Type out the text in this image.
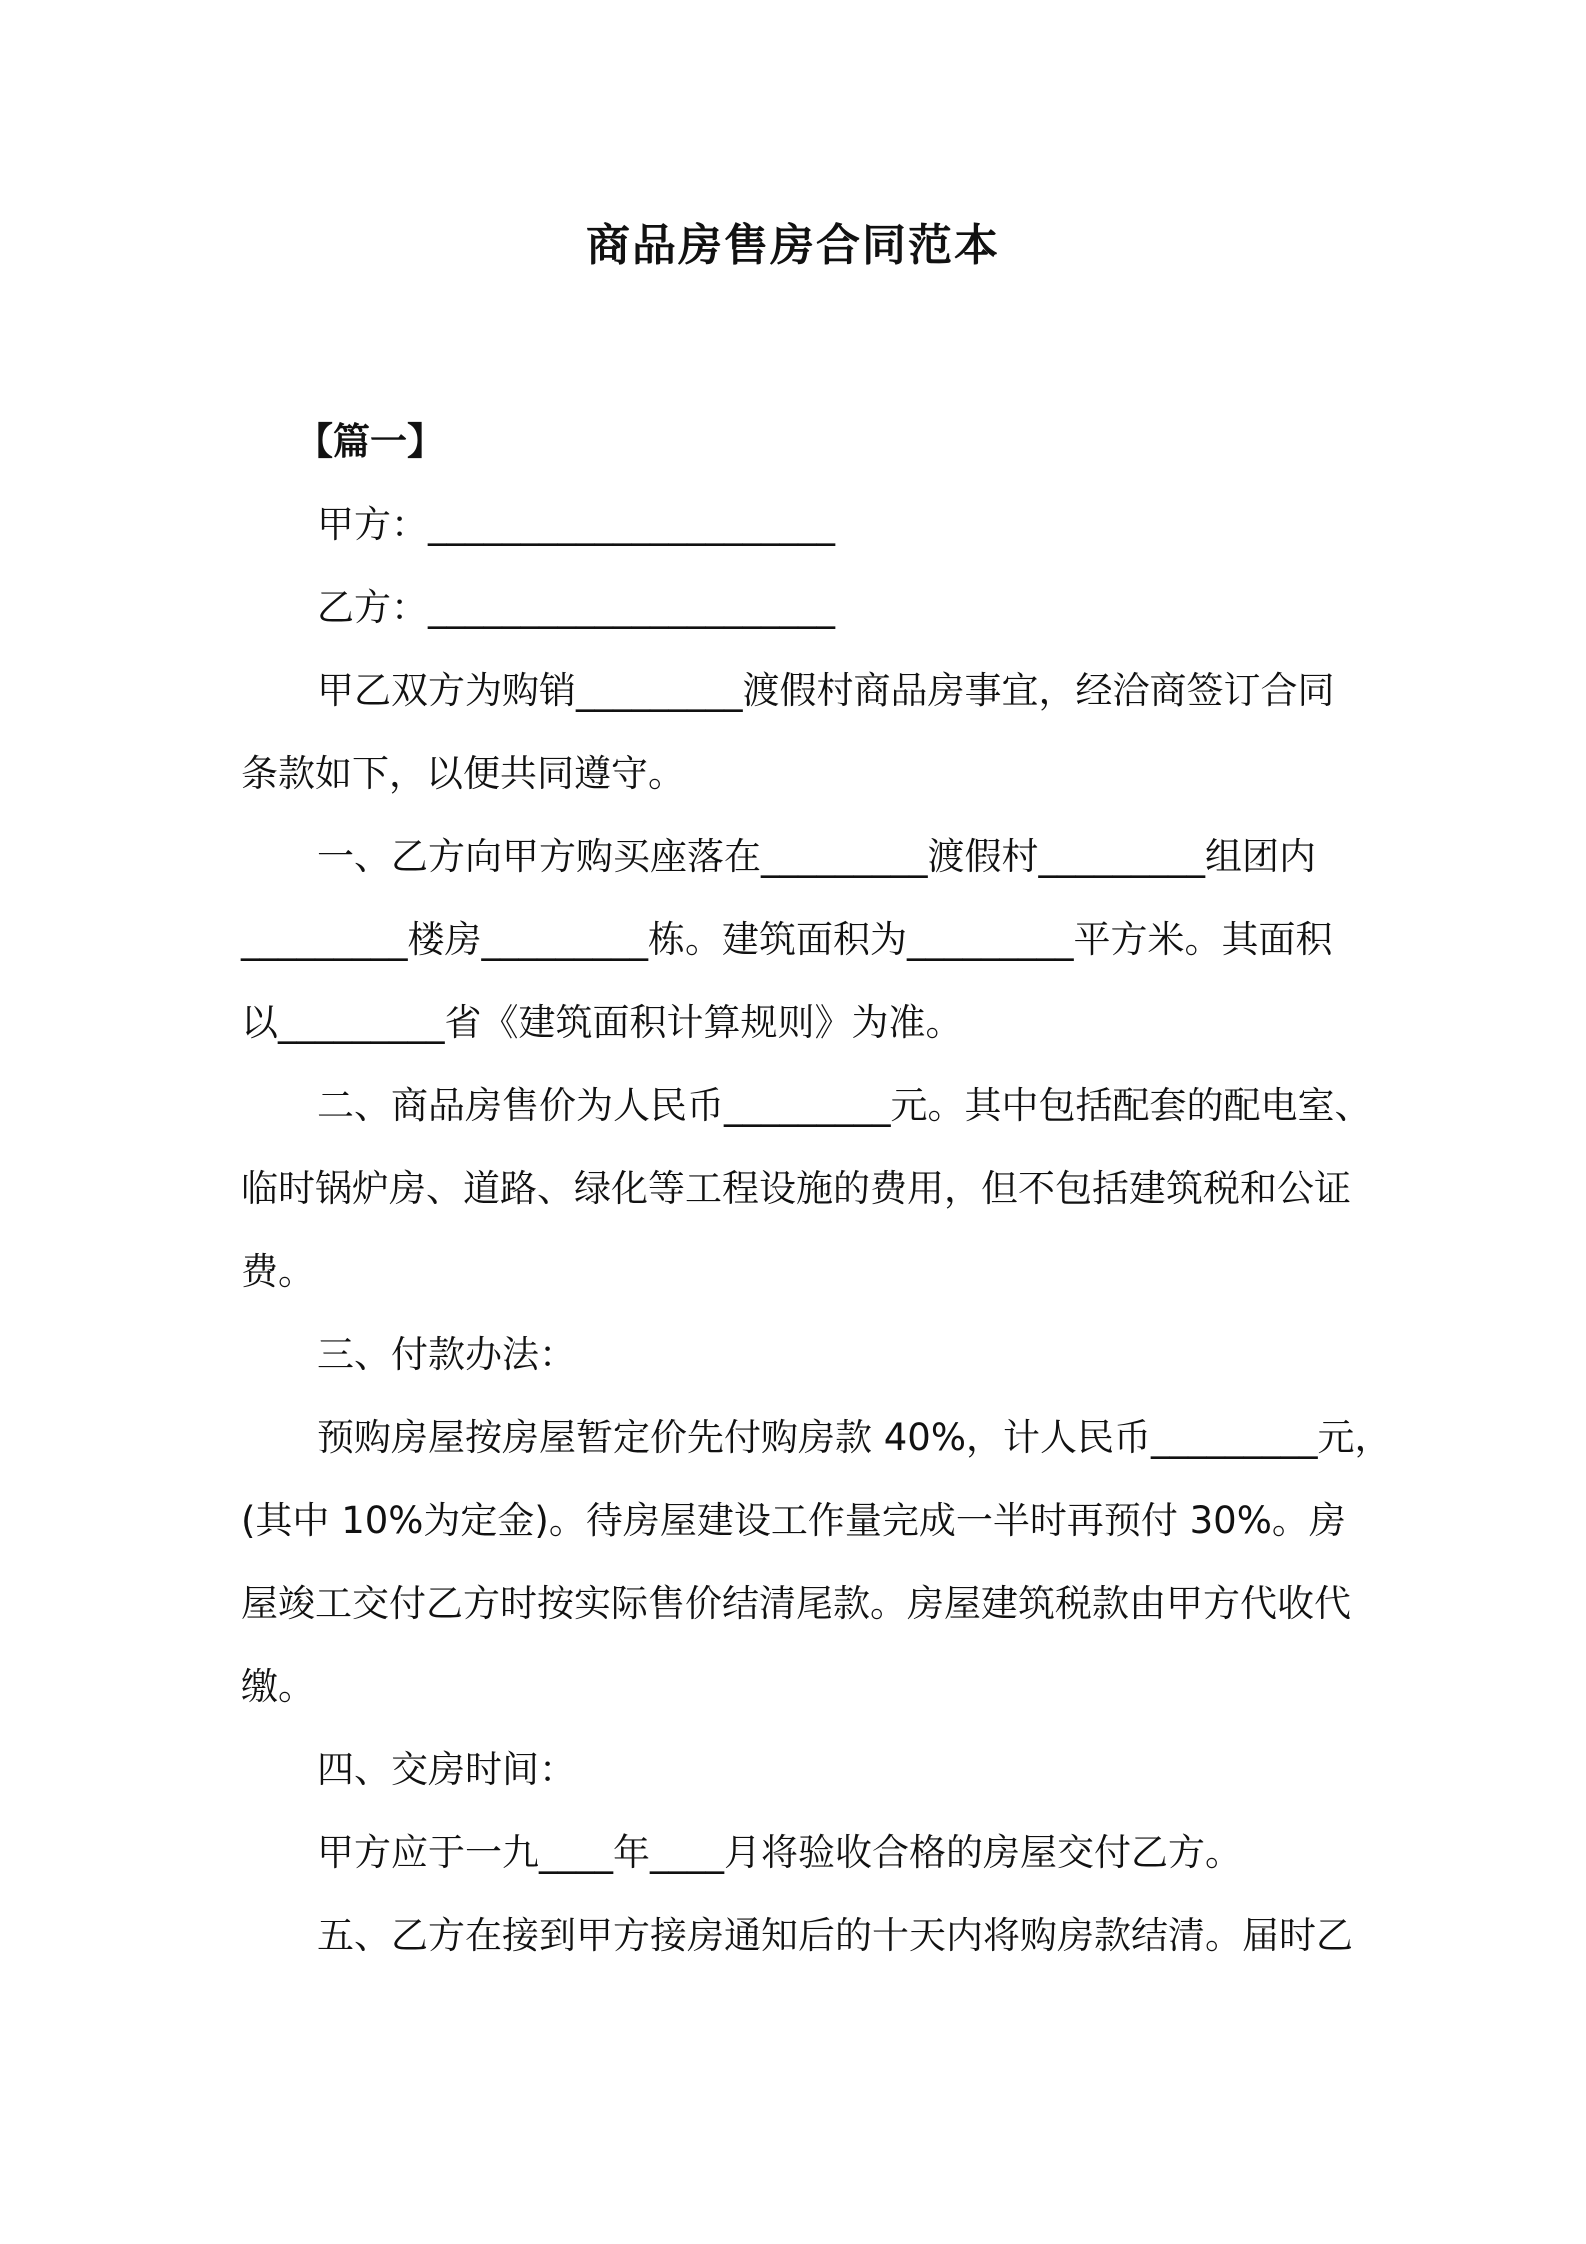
商品房售房合同范本
【篇一】
甲方：______________________
乙方：______________________
甲乙双方为购销_________渡假村商品房事宜，经洽商签订合同
条款如下，以便共同遵守。
一、乙方向甲方购买座落在_________渡假村_________组团内
_________楼房_________栋。建筑面积为_________平方米。其面积
以_________省《建筑面积计算规则》为准。
二、商品房售价为人民币_________元。其中包括配套的配电室、
临时锅炉房、道路、绿化等工程设施的费用，但不包括建筑税和公证
费。
三、付款办法：
预购房屋按房屋暂定价先付购房款 40%，计人民币_________元，
(其中 10%为定金)。待房屋建设工作量完成一半时再预付 30%。房
屋竣工交付乙方时按实际售价结清尾款。房屋建筑税款由甲方代收代
缴。
四、交房时间：
甲方应于一九____年____月将验收合格的房屋交付乙方。
五、乙方在接到甲方接房通知后的十天内将购房款结清。届时乙
